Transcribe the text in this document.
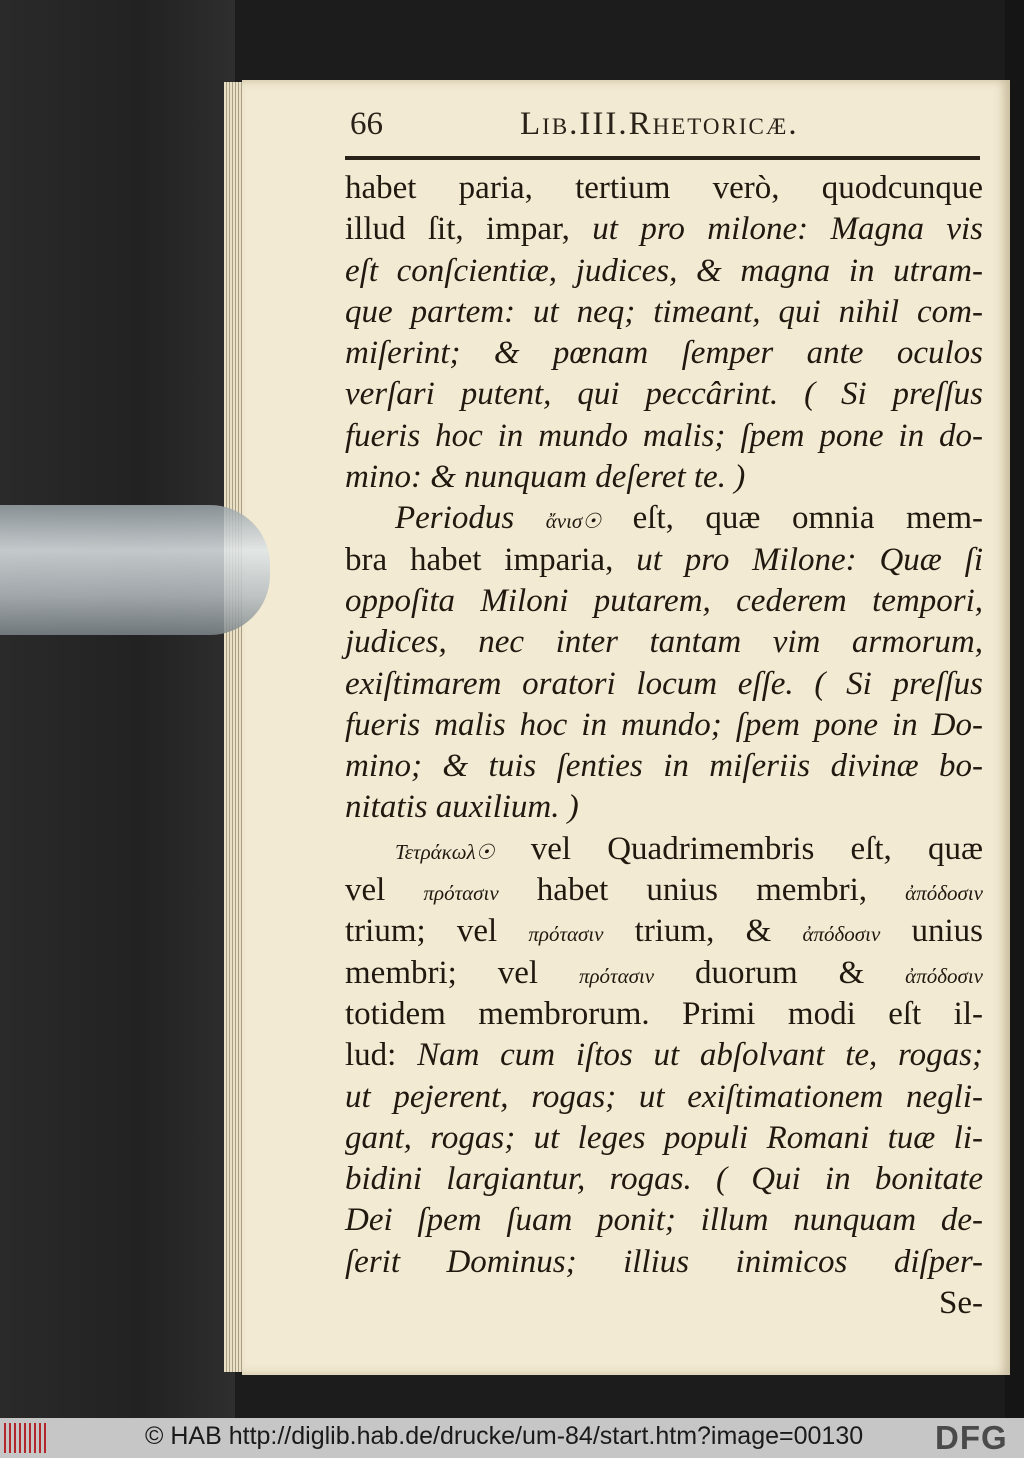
66	Lib.III.Rhetoricæ.
habet paria, tertium verò, quodcunque
illud ſit, impar, ut pro milone: Magna vis
eſt conſcientiæ, judices, & magna in utram-
que partem: ut neq; timeant, qui nihil com-
miſerint; & pœnam ſemper ante oculos
verſari putent, qui peccârint. ( Si preſſus
fueris hoc in mundo malis; ſpem pone in do-
mino: & nunquam deſeret te. )
Periodus ἄνισ☉ eſt, quæ omnia mem-
bra habet imparia, ut pro Milone: Quæ ſi
oppoſita Miloni putarem, cederem tempori,
judices, nec inter tantam vim armorum,
exiſtimarem oratori locum eſſe. ( Si preſſus
fueris malis hoc in mundo; ſpem pone in Do-
mino; & tuis ſenties in miſeriis divinæ bo-
nitatis auxilium. )
Τετράκωλ☉ vel Quadrimembris eſt, quæ
vel πρότασιν habet unius membri, ἀπόδοσιν
trium; vel πρότασιν trium, & ἀπόδοσιν unius
membri; vel πρότασιν duorum & ἀπόδοσιν
totidem membrorum. Primi modi eſt il-
lud: Nam cum iſtos ut abſolvant te, rogas;
ut pejerent, rogas; ut exiſtimationem negli-
gant, rogas; ut leges populi Romani tuæ li-
bidini largiantur, rogas. ( Qui in bonitate
Dei ſpem ſuam ponit; illum nunquam de-
ſerit Dominus; illius inimicos diſper-
Se-
© HAB http://diglib.hab.de/drucke/um-84/start.htm?image=00130 DFG
